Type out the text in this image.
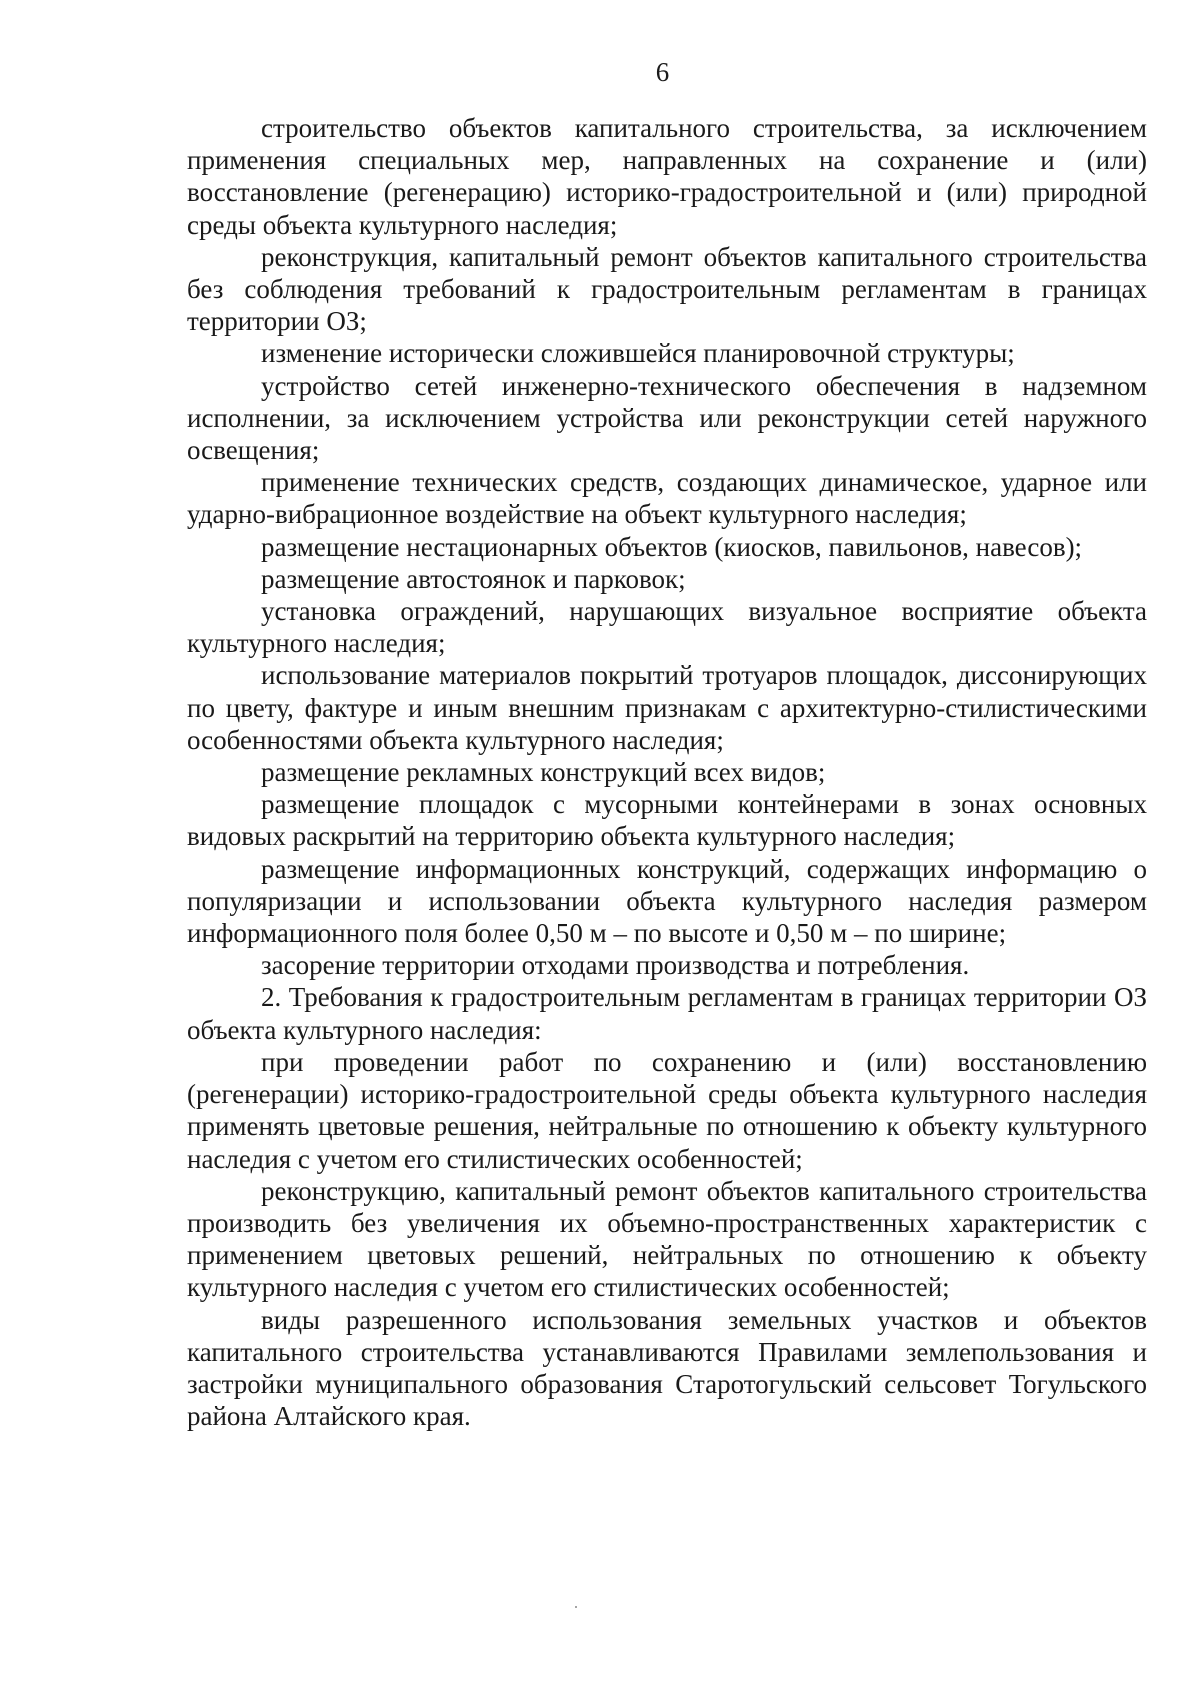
6

строительство объектов капитального строительства, за исключением применения специальных мер, направленных на сохранение и (или) восстановление (регенерацию) историко-градостроительной и (или) природной среды объекта культурного наследия;

реконструкция, капитальный ремонт объектов капитального строительства без соблюдения требований к градостроительным регламентам в границах территории ОЗ;

изменение исторически сложившейся планировочной структуры;

устройство сетей инженерно-технического обеспечения в надземном исполнении, за исключением устройства или реконструкции сетей наружного освещения;

применение технических средств, создающих динамическое, ударное или ударно-вибрационное воздействие на объект культурного наследия;

размещение нестационарных объектов (киосков, павильонов, навесов);

размещение автостоянок и парковок;

установка ограждений, нарушающих визуальное восприятие объекта культурного наследия;

использование материалов покрытий тротуаров площадок, диссонирующих по цвету, фактуре и иным внешним признакам с архитектурно-стилистическими особенностями объекта культурного наследия;

размещение рекламных конструкций всех видов;

размещение площадок с мусорными контейнерами в зонах основных видовых раскрытий на территорию объекта культурного наследия;

размещение информационных конструкций, содержащих информацию о популяризации и использовании объекта культурного наследия размером информационного поля более 0,50 м – по высоте и 0,50 м – по ширине;

засорение территории отходами производства и потребления.

2. Требования к градостроительным регламентам в границах территории ОЗ объекта культурного наследия:

при проведении работ по сохранению и (или) восстановлению (регенерации) историко-градостроительной среды объекта культурного наследия применять цветовые решения, нейтральные по отношению к объекту культурного наследия с учетом его стилистических особенностей;

реконструкцию, капитальный ремонт объектов капитального строительства производить без увеличения их объемно-пространственных характеристик с применением цветовых решений, нейтральных по отношению к объекту культурного наследия с учетом его стилистических особенностей;

виды разрешенного использования земельных участков и объектов капитального строительства устанавливаются Правилами землепользования и застройки муниципального образования Старотогульский сельсовет Тогульского района Алтайского края.
